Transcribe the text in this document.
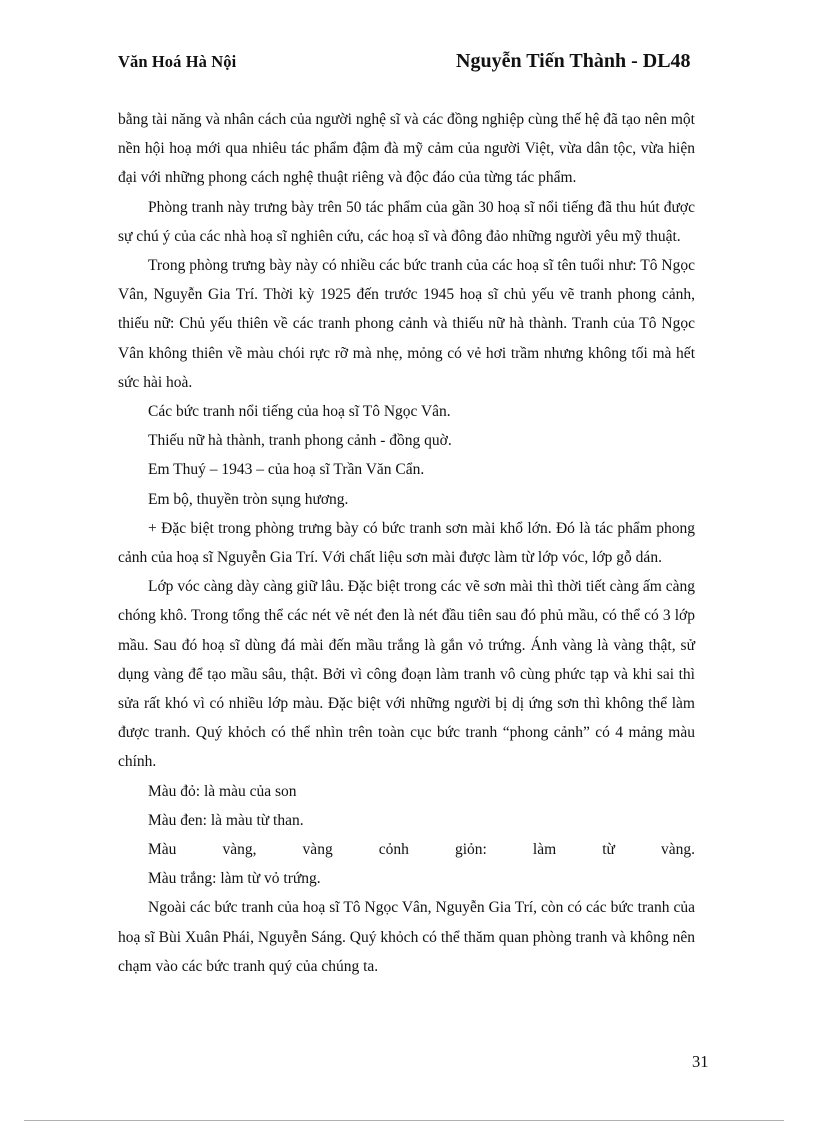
Văn Hoá Hà Nội	Nguyễn Tiến Thành - DL48

bằng tài năng và nhân cách của người nghệ sĩ và các đồng nghiệp cùng thế hệ đã tạo nên một nền hội hoạ mới qua nhiêu tác phẩm đậm đà mỹ cảm của người Việt, vừa dân tộc, vừa hiện đại với những phong cách nghệ thuật riêng và độc đáo của từng tác phẩm.

Phòng tranh này trưng bày trên 50 tác phẩm của gần 30 hoạ sĩ nổi tiếng đã thu hút được sự chú ý của các nhà hoạ sĩ nghiên cứu, các hoạ sĩ và đông đảo những người yêu mỹ thuật.

Trong phòng trưng bày này có nhiều các bức tranh của các hoạ sĩ tên tuổi như: Tô Ngọc Vân, Nguyễn Gia Trí. Thời kỳ 1925 đến trước 1945 hoạ sĩ chủ yếu vẽ tranh phong cảnh, thiếu nữ: Chủ yếu thiên về các tranh phong cảnh và thiếu nữ hà thành. Tranh của Tô Ngọc Vân không thiên về màu chói rực rỡ mà nhẹ, mỏng có vẻ hơi trầm nhưng không tối mà hết sức hài hoà.

Các bức tranh nổi tiếng của hoạ sĩ Tô Ngọc Vân.

Thiếu nữ hà thành, tranh phong cảnh - đồng quờ.

Em Thuý – 1943 – của hoạ sĩ Trần Văn Cẩn.

Em bộ, thuyền tròn sụng hương.

+ Đặc biệt trong phòng trưng bày có bức tranh sơn mài khổ lớn. Đó là tác phẩm phong cảnh của hoạ sĩ Nguyễn Gia Trí. Với chất liệu sơn mài được làm từ lớp vóc, lớp gỗ dán.

Lớp vóc càng dày càng giữ lâu. Đặc biệt trong các vẽ sơn mài thì thời tiết càng ấm càng chóng khô. Trong tổng thể các nét vẽ nét đen là nét đầu tiên sau đó phủ mầu, có thể có 3 lớp mầu. Sau đó hoạ sĩ dùng đá mài đến mầu trắng là gắn vỏ trứng. Ánh vàng là vàng thật, sử dụng vàng để tạo mầu sâu, thật. Bởi vì công đoạn làm tranh vô cùng phức tạp và khi sai thì sửa rất khó vì có nhiều lớp màu. Đặc biệt với những người bị dị ứng sơn thì không thể làm được tranh. Quý khỏch có thể nhìn trên toàn cục bức tranh “phong cảnh” có 4 mảng màu chính.

Màu đỏ: là màu của son

Màu đen: là màu từ than.

Màu vàng, vàng cỏnh giỏn: làm từ vàng.

Màu trắng: làm từ vỏ trứng.

Ngoài các bức tranh của hoạ sĩ Tô Ngọc Vân, Nguyễn Gia Trí, còn có các bức tranh của hoạ sĩ Bùi Xuân Phái, Nguyễn Sáng. Quý khỏch có thể thăm quan phòng tranh và không nên chạm vào các bức tranh quý của chúng ta.

31
